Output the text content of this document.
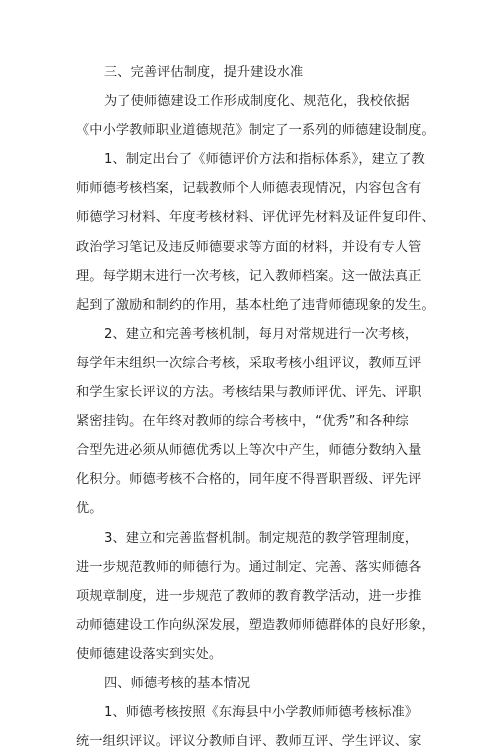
三、完善评估制度，提升建设水准
为了使师德建设工作形成制度化、规范化，我校依据
《中小学教师职业道德规范》制定了一系列的师德建设制度。
1、制定出台了《师德评价方法和指标体系》，建立了教
师师德考核档案，记载教师个人师德表现情况，内容包含有
师德学习材料、年度考核材料、评优评先材料及证件复印件、
政治学习笔记及违反师德要求等方面的材料，并设有专人管
理。每学期末进行一次考核，记入教师档案。这一做法真正
起到了激励和制约的作用，基本杜绝了违背师德现象的发生。
2、建立和完善考核机制，每月对常规进行一次考核，
每学年末组织一次综合考核，采取考核小组评议，教师互评
和学生家长评议的方法。考核结果与教师评优、评先、评职
紧密挂钩。在年终对教师的综合考核中，“优秀”和各种综
合型先进必须从师德优秀以上等次中产生，师德分数纳入量
化积分。师德考核不合格的，同年度不得晋职晋级、评先评
优。
3、建立和完善监督机制。制定规范的教学管理制度，
进一步规范教师的师德行为。通过制定、完善、落实师德各
项规章制度，进一步规范了教师的教育教学活动，进一步推
动师德建设工作向纵深发展，塑造教师师德群体的良好形象，
使师德建设落实到实处。
四、师德考核的基本情况
1、师德考核按照《东海县中小学教师师德考核标准》
统一组织评议。评议分教师自评、教师互评、学生评议、家
